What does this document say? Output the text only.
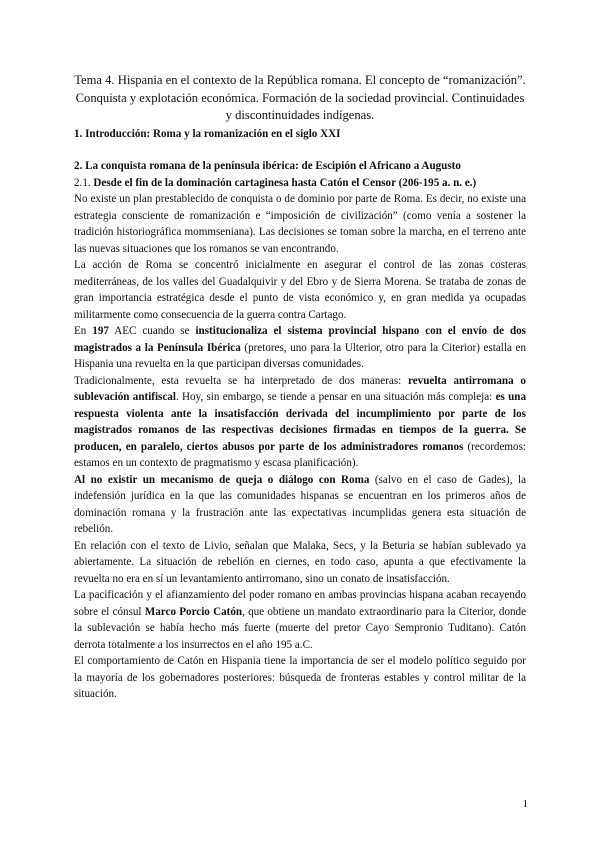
Tema 4. Hispania en el contexto de la República romana. El concepto de “romanización”. Conquista y explotación económica. Formación de la sociedad provincial. Continuidades y discontinuidades indígenas.
1. Introducción: Roma y la romanización en el siglo XXI
2. La conquista romana de la península ibérica: de Escipión el Africano a Augusto
2.1. Desde el fin de la dominación cartaginesa hasta Catón el Censor (206-195 a. n. e.)

No existe un plan prestablecido de conquista o de dominio por parte de Roma. Es decir, no existe una estrategia consciente de romanización e “imposición de civilización” (como venía a sostener la tradición historiográfica mommseniana). Las decisiones se toman sobre la marcha, en el terreno ante las nuevas situaciones que los romanos se van encontrando.

La acción de Roma se concentró inicialmente en asegurar el control de las zonas costeras mediterráneas, de los valles del Guadalquivir y del Ebro y de Sierra Morena. Se trataba de zonas de gran importancia estratégica desde el punto de vista económico y, en gran medida ya ocupadas militarmente como consecuencia de la guerra contra Cartago.

En 197 AEC cuando se institucionaliza el sistema provincial hispano con el envío de dos magistrados a la Península Ibérica (pretores, uno para la Ulterior, otro para la Citerior) estalla en Hispania una revuelta en la que participan diversas comunidades.

Tradicionalmente, esta revuelta se ha interpretado de dos maneras: revuelta antirromana o sublevación antifiscal. Hoy, sin embargo, se tiende a pensar en una situación más compleja: es una respuesta violenta ante la insatisfacción derivada del incumplimiento por parte de los magistrados romanos de las respectivas decisiones firmadas en tiempos de la guerra. Se producen, en paralelo, ciertos abusos por parte de los administradores romanos (recordemos: estamos en un contexto de pragmatismo y escasa planificación).

Al no existir un mecanismo de queja o diálogo con Roma (salvo en el caso de Gades), la indefensión jurídica en la que las comunidades hispanas se encuentran en los primeros años de dominación romana y la frustración ante las expectativas incumplidas genera esta situación de rebelión.

En relación con el texto de Livio, señalan que Malaka, Secs, y la Beturia se habían sublevado ya abiertamente. La situación de rebelión en ciernes, en todo caso, apunta a que efectivamente la revuelta no era en sí un levantamiento antirromano, sino un conato de insatisfacción.

La pacificación y el afianzamiento del poder romano en ambas provincias hispana acaban recayendo sobre el cónsul Marco Porcio Catón, que obtiene un mandato extraordinario para la Citerior, donde la sublevación se había hecho más fuerte (muerte del pretor Cayo Sempronio Tuditano). Catón derrota totalmente a los insurrectos en el año 195 a.C.

El comportamiento de Catón en Hispania tiene la importancia de ser el modelo político seguido por la mayoría de los gobernadores posteriores: búsqueda de fronteras estables y control militar de la situación.

1
